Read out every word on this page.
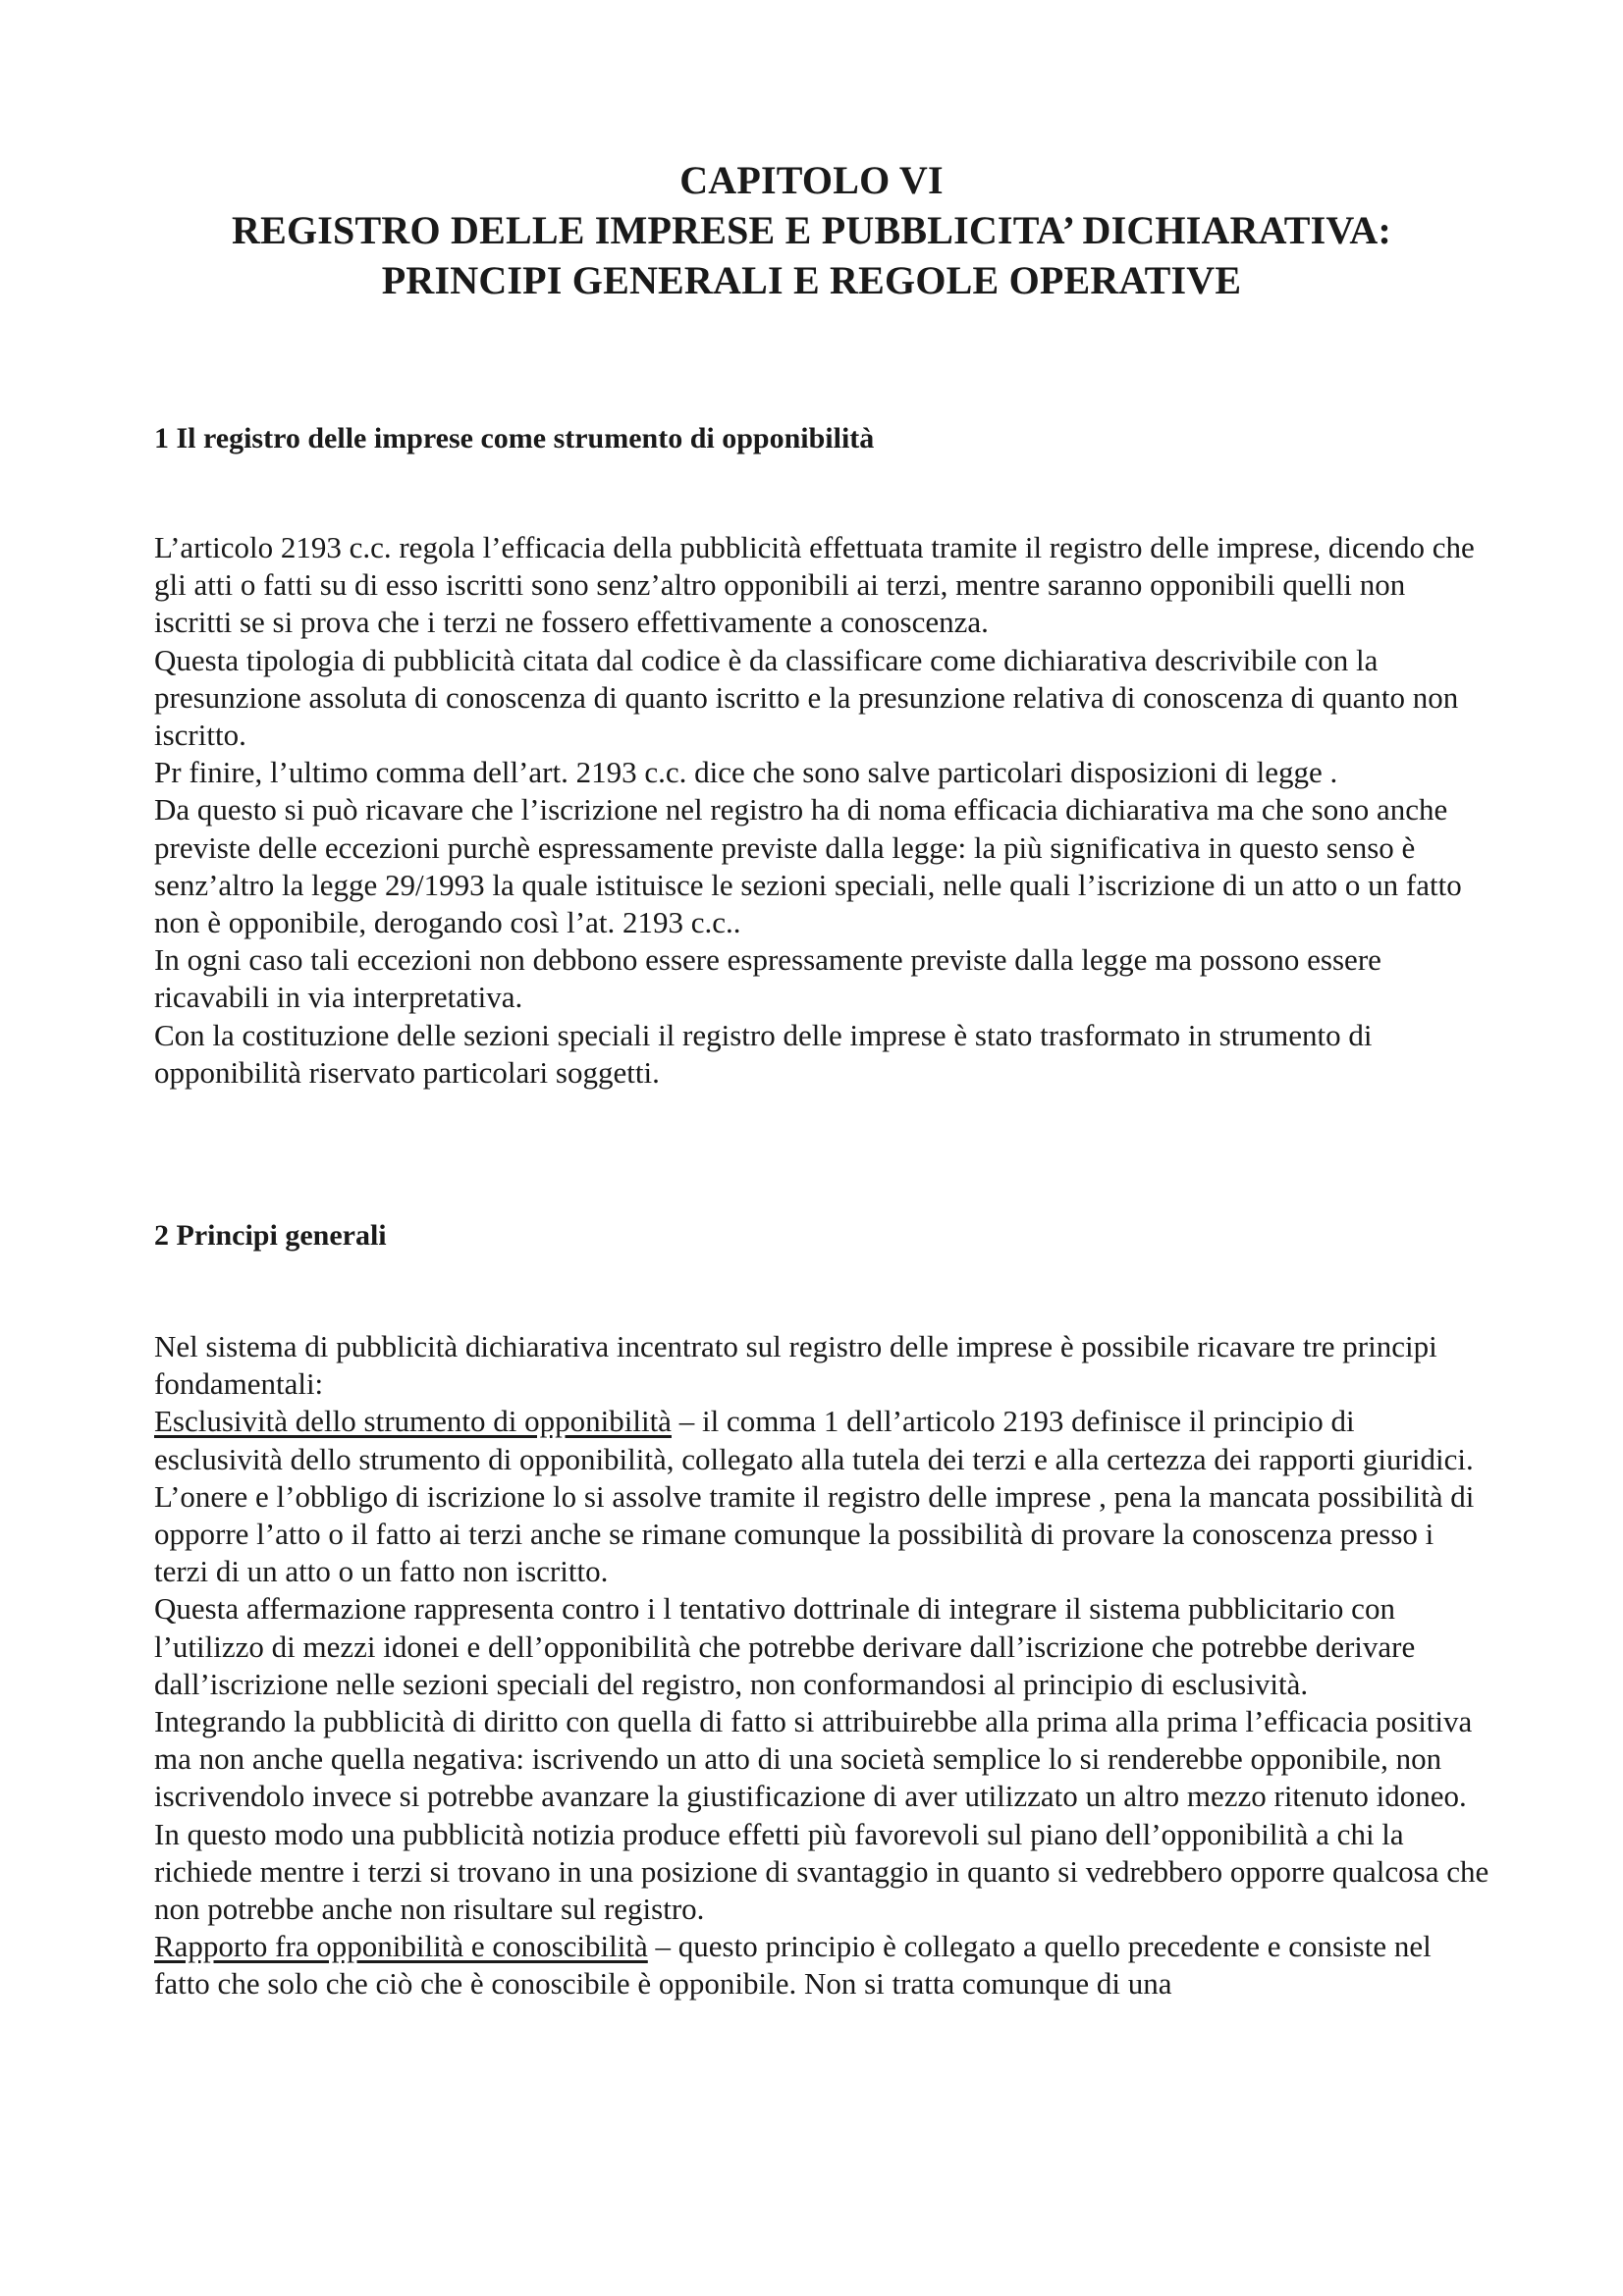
CAPITOLO VI

REGISTRO DELLE IMPRESE E PUBBLICITA’ DICHIARATIVA:

PRINCIPI GENERALI E REGOLE OPERATIVE

1 Il registro delle imprese come strumento di opponibilità

L’articolo 2193 c.c. regola l’efficacia della pubblicità effettuata tramite il registro delle imprese, dicendo che gli atti o fatti su di esso iscritti sono senz’altro opponibili ai terzi, mentre saranno opponibili quelli non iscritti se si prova che i terzi ne fossero effettivamente a conoscenza.

Questa tipologia di pubblicità citata dal codice è da classificare come dichiarativa descrivibile con la presunzione assoluta di conoscenza di quanto iscritto e la presunzione relativa di conoscenza di quanto non iscritto.

Pr finire, l’ultimo comma dell’art. 2193 c.c. dice che sono salve particolari disposizioni di legge .

Da questo si può ricavare che l’iscrizione nel registro ha di noma efficacia dichiarativa ma che sono anche previste delle eccezioni purchè espressamente previste dalla legge: la più significativa in questo senso è senz’altro la legge 29/1993 la quale istituisce le sezioni speciali, nelle quali l’iscrizione di un atto o un fatto non è opponibile, derogando così l’at. 2193 c.c..

In ogni caso tali eccezioni non debbono essere espressamente previste dalla legge ma possono essere ricavabili in via interpretativa.

Con la costituzione delle sezioni speciali il registro delle imprese è stato trasformato in strumento di opponibilità riservato particolari soggetti.

2 Principi generali

Nel sistema di pubblicità dichiarativa incentrato sul registro delle imprese è possibile ricavare tre principi fondamentali:

Esclusività dello strumento di opponibilità – il comma 1 dell’articolo 2193 definisce il principio di esclusività dello strumento di opponibilità, collegato alla tutela dei terzi e alla certezza dei rapporti giuridici. L’onere e l’obbligo di iscrizione lo si assolve tramite il registro delle imprese , pena la mancata possibilità di opporre l’atto o il fatto ai terzi anche se rimane comunque la possibilità di provare la conoscenza presso i terzi di un atto o un fatto non iscritto.

Questa affermazione rappresenta contro i l tentativo dottrinale di integrare il sistema pubblicitario con l’utilizzo di mezzi idonei e dell’opponibilità che potrebbe derivare dall’iscrizione che potrebbe derivare dall’iscrizione nelle sezioni speciali del registro, non conformandosi al principio di esclusività.

Integrando la pubblicità di diritto con quella di fatto si attribuirebbe alla prima alla prima l’efficacia positiva ma non anche quella negativa: iscrivendo un atto di una società semplice lo si renderebbe opponibile, non iscrivendolo invece si potrebbe avanzare la giustificazione di aver utilizzato un altro mezzo ritenuto idoneo. In questo modo una pubblicità notizia produce effetti più favorevoli sul piano dell’opponibilità a chi la richiede mentre i terzi si trovano in una posizione di svantaggio in quanto si vedrebbero opporre qualcosa che non potrebbe anche non risultare sul registro.

Rapporto fra opponibilità e conoscibilità – questo principio è collegato a quello precedente e consiste nel fatto che solo che ciò che è conoscibile è opponibile. Non si tratta comunque di una
